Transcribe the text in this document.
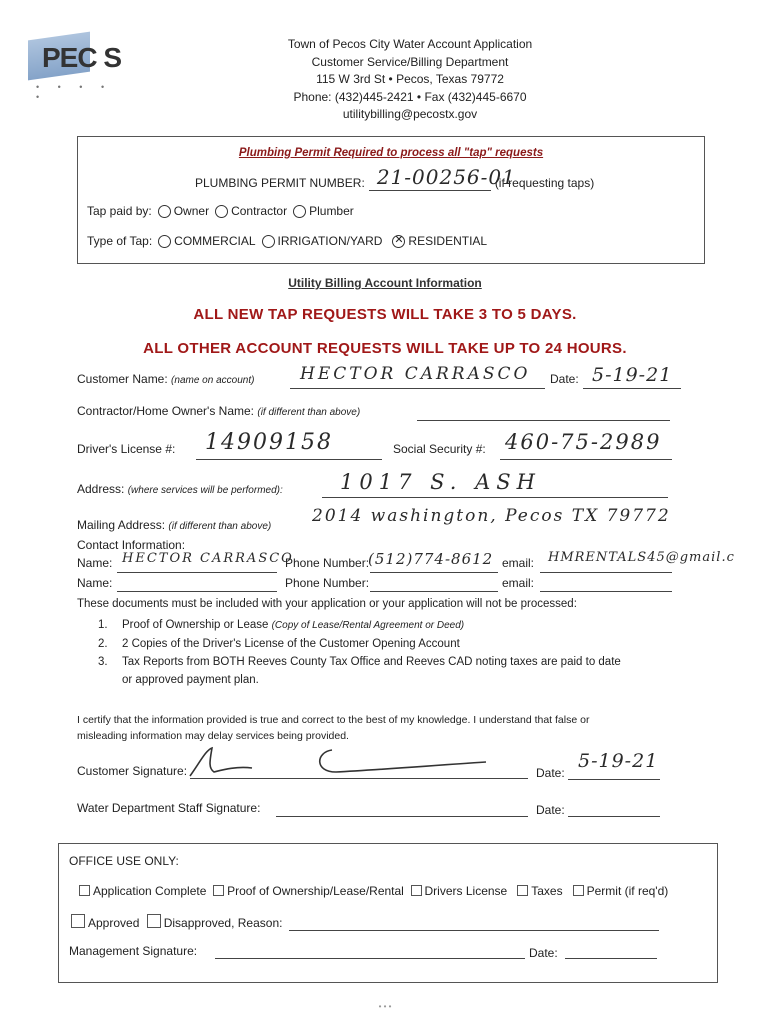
PEC S
• • • • •
Town of Pecos City Water Account Application
Customer Service/Billing Department
115 W 3rd St • Pecos, Texas 79772
Phone: (432)445-2421 • Fax (432)445-6670
utilitybilling@pecostx.gov
Plumbing Permit Required to process all "tap" requests
PLUMBING PERMIT NUMBER: 21-00256-01
(if requesting taps)
Tap paid by: Owner Contractor Plumber
Type of Tap: COMMERCIAL IRRIGATION/YARD
✕ RESIDENTIAL
Utility Billing Account Information
ALL NEW TAP REQUESTS WILL TAKE 3 TO 5 DAYS.
ALL OTHER ACCOUNT REQUESTS WILL TAKE UP TO 24 HOURS.
Customer Name: (name on account)	HECTOR CARRASCO Date: 5-19-21
Contractor/Home Owner's Name: (if different than above)
Driver's License #: 14909158	Social Security #: 460-75-2989
Address: (where services will be performed):	1017 S. ASH
Mailing Address: (if different than above)
2014 washington, Pecos TX 79772
Contact Information:
Name: HECTOR CARRASCO
Phone Number:
(512)774-8612 email: HMRENTALS45@gmail.c
Name:	Phone Number:	email:
These documents must be included with your application or your application will not be processed:
1. Proof of Ownership or Lease (Copy of Lease/Rental Agreement or Deed)
2. 2 Copies of the Driver's License of the Customer Opening Account
3. Tax Reports from BOTH Reeves County Tax Office and Reeves CAD noting taxes are paid to date
or approved payment plan.
I certify that the information provided is true and correct to the best of my knowledge. I understand that false or
misleading information may delay services being provided.
Customer Signature:	Date:
5-19-21
Water Department Staff Signature:	Date:
OFFICE USE ONLY:
Application Complete Proof of Ownership/Lease/Rental Drivers License Taxes Permit (if req'd)
Approved Disapproved, Reason:
Management Signature:	Date:
• • •
